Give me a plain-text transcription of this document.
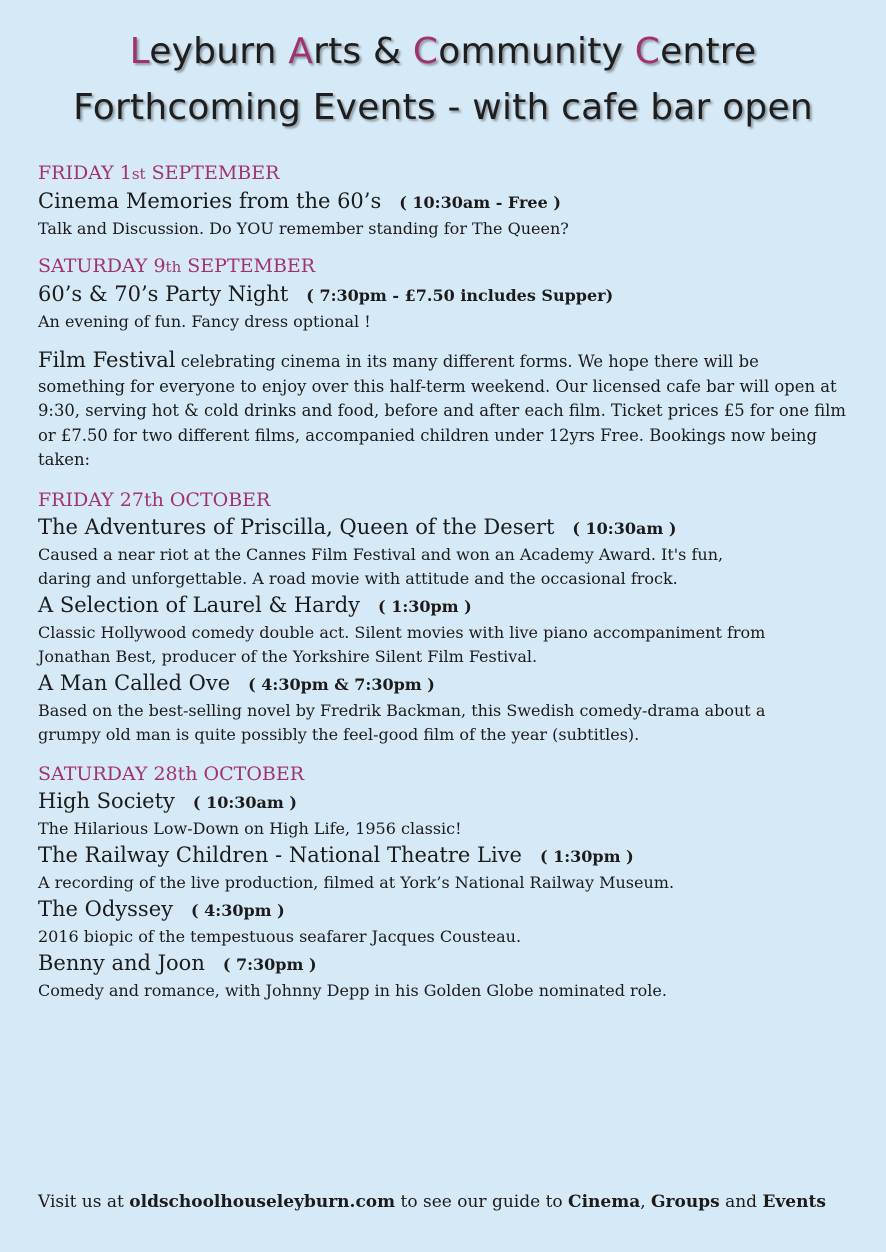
Leyburn Arts & Community Centre
Forthcoming Events - with cafe bar open
FRIDAY 1st SEPTEMBER
Cinema Memories from the 60’s ( 10:30am - Free )
Talk and Discussion. Do YOU remember standing for The Queen?
SATURDAY 9th SEPTEMBER
60’s & 70’s Party Night ( 7:30pm - £7.50 includes Supper)
An evening of fun. Fancy dress optional !
Film Festival celebrating cinema in its many different forms. We hope there will be something for everyone to enjoy over this half-term weekend. Our licensed cafe bar will open at 9:30, serving hot & cold drinks and food, before and after each film. Ticket prices £5 for one film or £7.50 for two different films, accompanied children under 12yrs Free. Bookings now being taken:
FRIDAY 27th OCTOBER
The Adventures of Priscilla, Queen of the Desert ( 10:30am )
Caused a near riot at the Cannes Film Festival and won an Academy Award. It's fun,
daring and unforgettable. A road movie with attitude and the occasional frock.
A Selection of Laurel & Hardy ( 1:30pm )
Classic Hollywood comedy double act. Silent movies with live piano accompaniment from
Jonathan Best, producer of the Yorkshire Silent Film Festival.
A Man Called Ove ( 4:30pm & 7:30pm )
Based on the best-selling novel by Fredrik Backman, this Swedish comedy-drama about a
grumpy old man is quite possibly the feel-good film of the year (subtitles).
SATURDAY 28th OCTOBER
High Society ( 10:30am )
The Hilarious Low-Down on High Life, 1956 classic!
The Railway Children - National Theatre Live ( 1:30pm )
A recording of the live production, filmed at York’s National Railway Museum.
The Odyssey ( 4:30pm )
2016 biopic of the tempestuous seafarer Jacques Cousteau.
Benny and Joon ( 7:30pm )
Comedy and romance, with Johnny Depp in his Golden Globe nominated role.
Visit us at oldschoolhouseleyburn.com to see our guide to Cinema, Groups and Events
